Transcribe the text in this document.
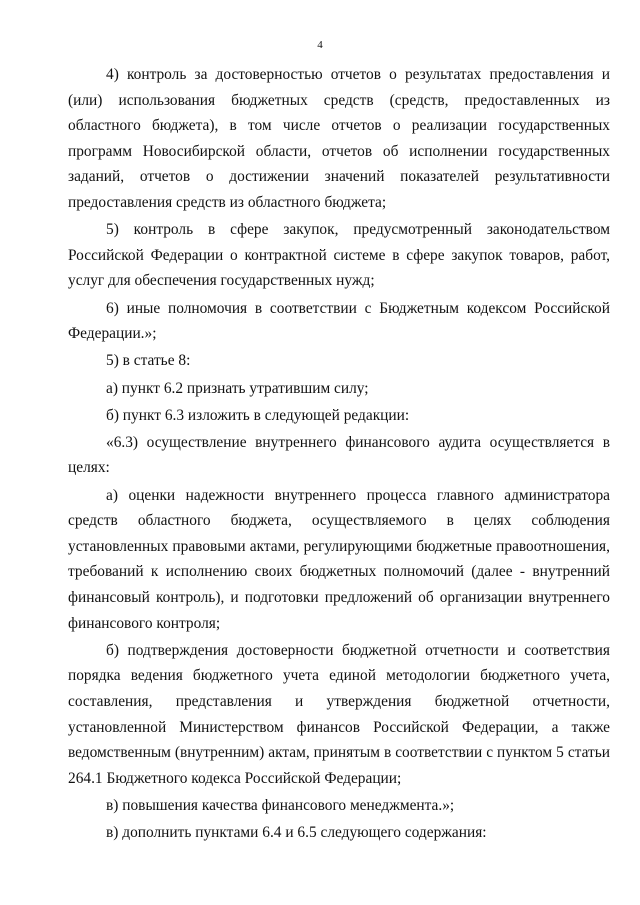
4

4) контроль за достоверностью отчетов о результатах предоставления и (или) использования бюджетных средств (средств, предоставленных из областного бюджета), в том числе отчетов о реализации государственных программ Новосибирской области, отчетов об исполнении государственных заданий, отчетов о достижении значений показателей результативности предоставления средств из областного бюджета;

5) контроль в сфере закупок, предусмотренный законодательством Российской Федерации о контрактной системе в сфере закупок товаров, работ, услуг для обеспечения государственных нужд;

6) иные полномочия в соответствии с Бюджетным кодексом Российской Федерации.»;

5) в статье 8:

а) пункт 6.2 признать утратившим силу;

б) пункт 6.3 изложить в следующей редакции:

«6.3) осуществление внутреннего финансового аудита осуществляется в целях:

а) оценки надежности внутреннего процесса главного администратора средств областного бюджета, осуществляемого в целях соблюдения установленных правовыми актами, регулирующими бюджетные правоотношения, требований к исполнению своих бюджетных полномочий (далее - внутренний финансовый контроль), и подготовки предложений об организации внутреннего финансового контроля;

б) подтверждения достоверности бюджетной отчетности и соответствия порядка ведения бюджетного учета единой методологии бюджетного учета, составления, представления и утверждения бюджетной отчетности, установленной Министерством финансов Российской Федерации, а также ведомственным (внутренним) актам, принятым в соответствии с пунктом 5 статьи 264.1 Бюджетного кодекса Российской Федерации;

в) повышения качества финансового менеджмента.»;

в) дополнить пунктами 6.4 и 6.5 следующего содержания:
